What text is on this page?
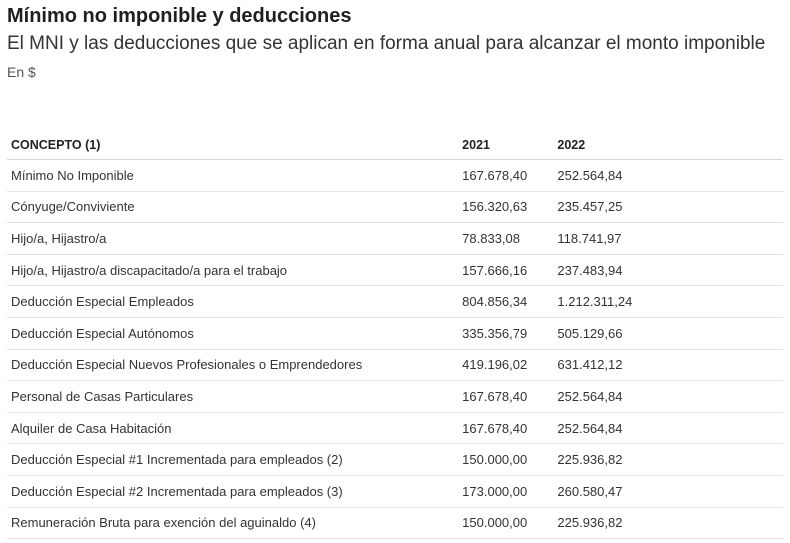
Mínimo no imponible y deducciones
El MNI y las deducciones que se aplican en forma anual para alcanzar el monto imponible
En $
CONCEPTO (1)	2021	2022
Mínimo No Imponible	167.678,40	252.564,84
Cónyuge/Conviviente	156.320,63	235.457,25
Hijo/a, Hijastro/a	78.833,08	118.741,97
Hijo/a, Hijastro/a discapacitado/a para el trabajo	157.666,16	237.483,94
Deducción Especial Empleados	804.856,34	1.212.311,24
Deducción Especial Autónomos	335.356,79	505.129,66
Deducción Especial Nuevos Profesionales o Emprendedores	419.196,02	631.412,12
Personal de Casas Particulares	167.678,40	252.564,84
Alquiler de Casa Habitación	167.678,40	252.564,84
Deducción Especial #1 Incrementada para empleados (2)	150.000,00	225.936,82
Deducción Especial #2 Incrementada para empleados (3)	173.000,00	260.580,47
Remuneración Bruta para exención del aguinaldo (4)	150.000,00	225.936,82
